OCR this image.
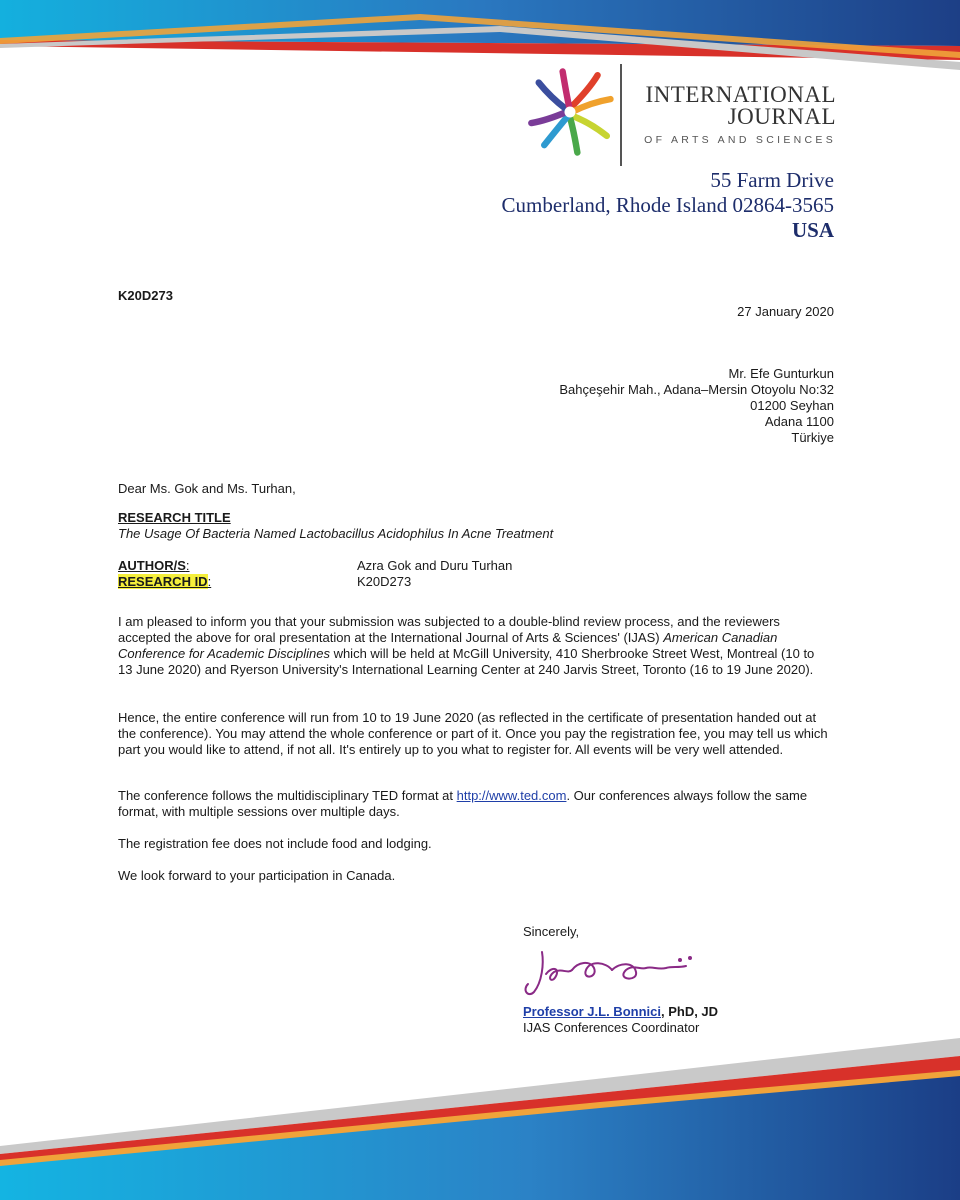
INTERNATIONAL
JOURNAL
OF ARTS AND SCIENCES
55 Farm Drive
Cumberland, Rhode Island 02864-3565
USA
K20D273
27 January 2020
Mr. Efe Gunturkun
Bahçeşehir Mah., Adana–Mersin Otoyolu No:32
01200 Seyhan
Adana 1100
Türkiye
Dear Ms. Gok and Ms. Turhan,
RESEARCH TITLE
The Usage Of Bacteria Named Lactobacillus Acidophilus In Acne Treatment
AUTHOR/S:	Azra Gok and Duru Turhan
RESEARCH ID:	K20D273
I am pleased to inform you that your submission was subjected to a double-blind review process, and the reviewers accepted the above for oral presentation at the International Journal of Arts & Sciences' (IJAS) American Canadian Conference for Academic Disciplines which will be held at McGill University, 410 Sherbrooke Street West, Montreal (10 to 13 June 2020) and Ryerson University's International Learning Center at 240 Jarvis Street, Toronto (16 to 19 June 2020).
Hence, the entire conference will run from 10 to 19 June 2020 (as reflected in the certificate of presentation handed out at the conference). You may attend the whole conference or part of it. Once you pay the registration fee, you may tell us which part you would like to attend, if not all. It's entirely up to you what to register for. All events will be very well attended.
The conference follows the multidisciplinary TED format at http://www.ted.com. Our conferences always follow the same format, with multiple sessions over multiple days.
The registration fee does not include food and lodging.
We look forward to your participation in Canada.
Sincerely,
Professor J.L. Bonnici, PhD, JD
IJAS Conferences Coordinator
